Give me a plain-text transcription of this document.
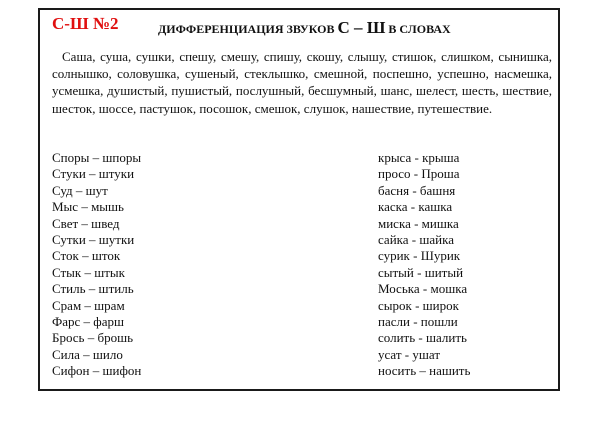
С-Ш №2	ДИФФЕРЕНЦИАЦИЯ ЗВУКОВ С – Ш В СЛОВАХ
Саша, суша, сушки, спешу, смешу, спишу, скошу, слышу, стишок, слишком, сынишка, солнышко, соловушка, сушеный, стеклышко, смешной, поспешно, успешно, насмешка, усмешка, душистый, пушистый, послушный, бесшумный, шанс, шелест, шесть, шествие, шесток, шоссе, пастушок, посошок, смешок, слушок, нашествие, путешествие.
Споры – шпоры
Стуки – штуки
Суд – шут
Мыс – мышь
Свет – швед
Сутки – шутки
Сток – шток
Стык – штык
Стиль – штиль
Срам – шрам
Фарс – фарш
Брось – брошь
Сила – шило
Сифон – шифон
крыса - крыша
просо - Проша
басня - башня
каска - кашка
миска - мишка
сайка - шайка
сурик - Шурик
сытый - шитый
Моська - мошка
сырок - широк
пасли - пошли
солить - шалить
усат - ушат
носить – нашить
